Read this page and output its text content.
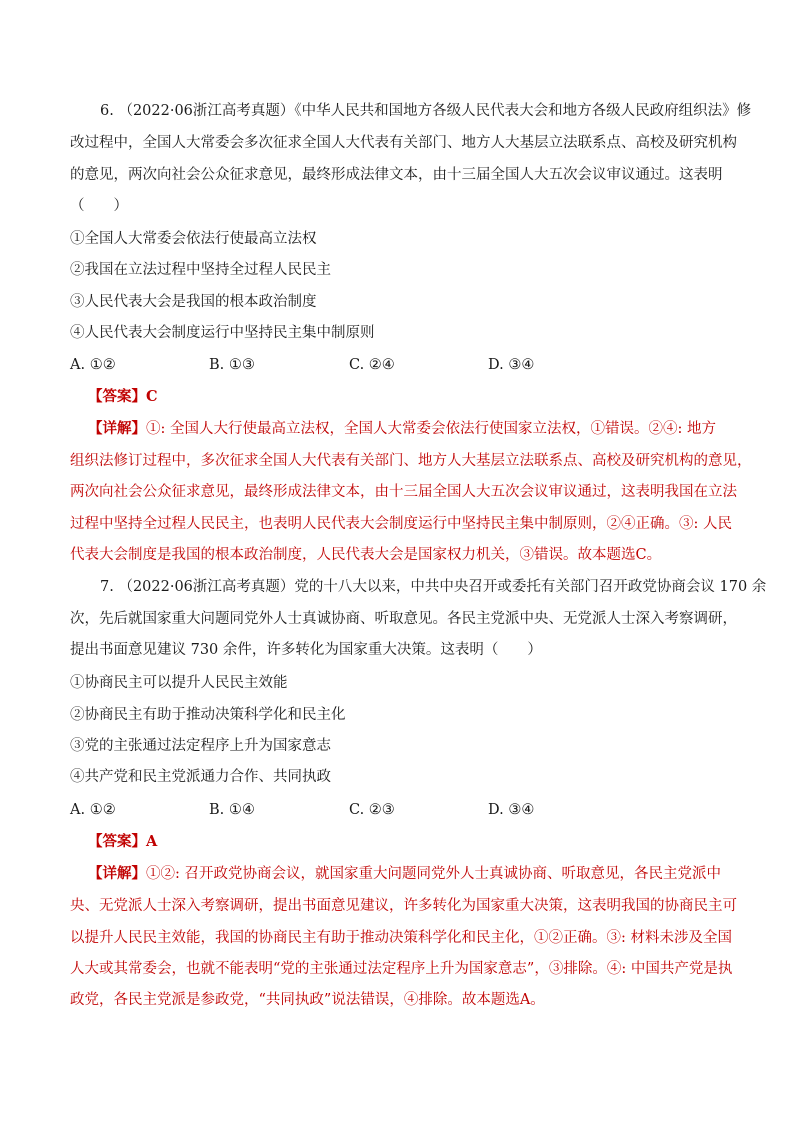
6. （2022·06浙江高考真题）《中华人民共和国地方各级人民代表大会和地方各级人民政府组织法》修
改过程中，全国人大常委会多次征求全国人大代表有关部门、地方人大基层立法联系点、高校及研究机构
的意见，两次向社会公众征求意见，最终形成法律文本，由十三届全国人大五次会议审议通过。这表明
（　　）
①全国人大常委会依法行使最高立法权
②我国在立法过程中坚持全过程人民民主
③人民代表大会是我国的根本政治制度
④人民代表大会制度运行中坚持民主集中制原则
A. ①②	B. ①③	C. ②④	D. ③④
【答案】C
【详解】①: 全国人大行使最高立法权，全国人大常委会依法行使国家立法权，①错误。②④: 地方
组织法修订过程中，多次征求全国人大代表有关部门、地方人大基层立法联系点、高校及研究机构的意见，
两次向社会公众征求意见，最终形成法律文本，由十三届全国人大五次会议审议通过，这表明我国在立法
过程中坚持全过程人民民主，也表明人民代表大会制度运行中坚持民主集中制原则，②④正确。③: 人民
代表大会制度是我国的根本政治制度，人民代表大会是国家权力机关，③错误。故本题选C。
7. （2022·06浙江高考真题）党的十八大以来，中共中央召开或委托有关部门召开政党协商会议 170 余
次，先后就国家重大问题同党外人士真诚协商、听取意见。各民主党派中央、无党派人士深入考察调研，
提出书面意见建议 730 余件，许多转化为国家重大决策。这表明（　　）
①协商民主可以提升人民民主效能
②协商民主有助于推动决策科学化和民主化
③党的主张通过法定程序上升为国家意志
④共产党和民主党派通力合作、共同执政
A. ①②	B. ①④	C. ②③	D. ③④
【答案】A
【详解】①②: 召开政党协商会议，就国家重大问题同党外人士真诚协商、听取意见，各民主党派中
央、无党派人士深入考察调研，提出书面意见建议，许多转化为国家重大决策，这表明我国的协商民主可
以提升人民民主效能，我国的协商民主有助于推动决策科学化和民主化，①②正确。③: 材料未涉及全国
人大或其常委会，也就不能表明“党的主张通过法定程序上升为国家意志”，③排除。④: 中国共产党是执
政党，各民主党派是参政党，“共同执政”说法错误，④排除。故本题选A。
